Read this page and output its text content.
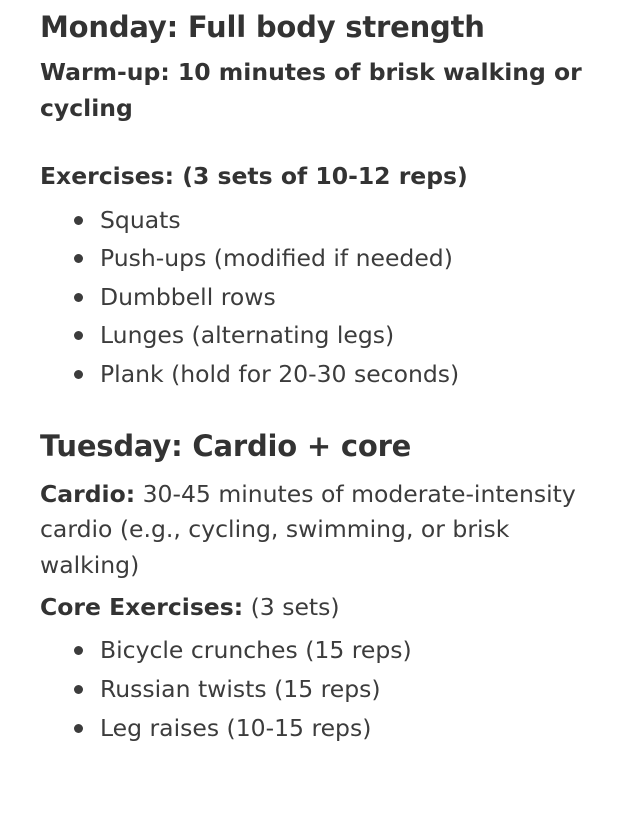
Monday: Full body strength

Warm-up: 10 minutes of brisk walking or cycling

Exercises: (3 sets of 10-12 reps)

Squats
Push-ups (modified if needed)
Dumbbell rows
Lunges (alternating legs)
Plank (hold for 20-30 seconds)
Tuesday: Cardio + core

Cardio: 30-45 minutes of moderate-intensity cardio (e.g., cycling, swimming, or brisk walking)

Core Exercises: (3 sets)

Bicycle crunches (15 reps)
Russian twists (15 reps)
Leg raises (10-15 reps)
